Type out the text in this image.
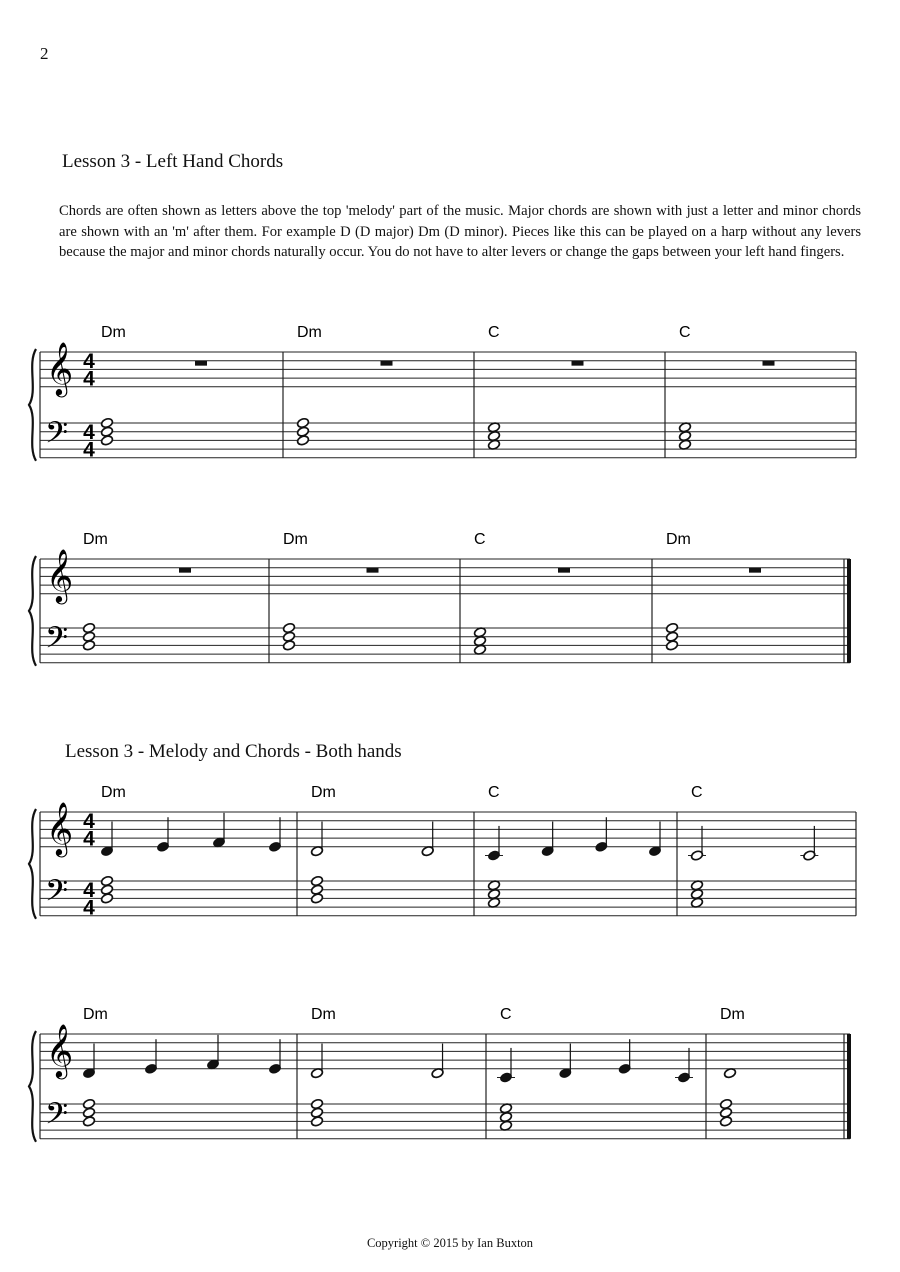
2
Lesson 3 - Left Hand Chords
Chords are often shown as letters above the top 'melody' part of the music. Major chords are shown with just a letter and minor chords are shown with an 'm' after them. For example D (D major) Dm (D minor). Pieces like this can be played on a harp without any levers because the major and minor chords naturally occur. You do not have to alter levers or change the gaps between your left hand fingers.
Lesson 3 - Melody and Chords - Both hands
𝄞
𝄢
4
4
4
4
Dm	Dm	C	C
𝄞
𝄢
Dm	Dm	C	Dm
𝄞
𝄢
4
4
4
4
Dm	Dm	C	C
𝄞
𝄢
Dm	Dm	C	Dm
Copyright © 2015 by Ian Buxton
